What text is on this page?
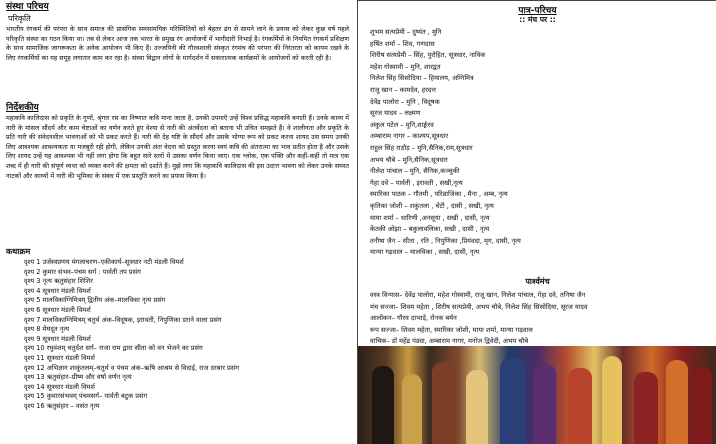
संस्था परिचय
परिकृति
भारतीय रंगकर्म की परंपरा के साथ समाज की प्रासंगिक समसामयिक परिस्थितियों को बेहतर ढंग से सामने लाने के प्रयास को लेकर कुछ वर्ष पहले परिकृति संस्था का गठन किया था। तब से लेकर आज तक भारत के प्रमुख रंग आयोजनों में भागीदारी निभाई है। रंगकर्मियों के नियमित रंगकर्म प्रशिक्षण के साथ सामाजिक जागरूकता के अनेक आयोजन भी किए हैं। उज्जयिनी की गौरवशाली संस्कृत रंगमंच की परंपरा की निरंतरता को कायम रखने के लिए रंगकर्मियों का यह समूह लगातार काम कर रहा है। संस्था विद्वान लोगों के मार्गदर्शन में सकारात्मक कार्यक्रमों के आयोजनों को करती रही है।
निर्देशकीय
महाकवि कालिदास को प्रकृति के गुणों, श्रृंगार रस का निष्णात कवि माना जाता है, उनकी उपमाएँ उन्हें विश्व प्रसिद्ध महाकवि बनाती हैं। उनके काव्य में नारी के मांसल सौंदर्य और काम चेष्टाओं का वर्णन करते हुए वेश्या से नारी की अंतर्वेदना को बताना भी उचित समझते हैं। वे शालीनता और प्रकृति के प्रति नारी की संवेदनशील भावनाओं को भी प्रकट करते हैं। नारी की देह यष्टि के सौंदर्य और उसके भोग्या रूप को प्रकट करना शायद उस समय उनकी लिए आवश्यक आवश्यकता या मजबूरी रही होगी, लेकिन उनकी अंतः वेदना को प्रस्तुत करना स्वयं कवि की अंतरात्मा का भाव प्रतीत होता है और उसके लिए शायद उन्हें यह आवश्यक भी नहीं लगा होगा कि बहुत सारे स्तरों में उसका वर्णन किया जाए। एक श्लोक, एक पंक्ति और कहीं-कहीं तो मात्र एक शब्द में ही नारी की संपूर्ण व्यथा को व्यक्त करने की क्षमता को दर्शाते हैं। मुझे लगा कि महाकवि कालिदास की इस उदात्त भावना को लेकर उनके समस्त नाटकों और काव्यों में नारी की भूमिका के संबंध में एक प्रस्तुति करने का प्रयास किया है।
कथाक्रम
दृश्य 1 उर्जस्वप्रणय मंगलाचरण–एकीकार्य–सूत्रधार नटी मंडली विमर्श
दृश्य 2 कुमार संभव–पंचम सर्ग : पार्वती तप प्रसंग
दृश्य 3 नृत्य ऋतुसंहार शिशिर
दृश्य 4 सूत्रधार मंडली विमर्श
दृश्य 5 मालविकाग्निमित्रम् द्वितीय अंक–मालविका नृत्य प्रसंग
दृश्य 6 सूत्रधार मंडली विमर्श
दृश्य 7 मालविकाग्निमित्रम् चतुर्थ अंक–विदूषक, इरावती, निपुणिका डराने वाला प्रसंग
दृश्य 8 मेघदूत नृत्य
दृश्य 9 सूत्रधार मंडली विमर्श
दृश्य 10 रघुवंशम् चतुर्दश सर्ग– राजा राम द्वारा सीता को वन भेजने का प्रसंग
दृश्य 11 सूत्रधार मंडली विमर्श
दृश्य 12 अभिज्ञान शाकुंतलम्–चतुर्थ व पंचम अंक–ऋषि आश्रम से विदाई, राज दरबार प्रसंग
दृश्य 13 ऋतुसंहार–ग्रीष्म और वर्षा वर्णन नृत्य
दृश्य 14 सूत्रधार मंडली विमर्श
दृश्य 15 कुमारसंभवम् पंचमसर्ग– पार्वती बटुक प्रसंग
दृश्य 16 ऋतुसंहार – वसंत नृत्य
पात्र-परिचय
:: मंच पर ::
शुभम सत्यप्रेमी – दुष्यंत , मुनि
हर्षित शर्मा – शिव, गणदास
शिरीष सत्यप्रेमी – सिंह, पुरोहित, सूत्रधार, नाविक
महेश गोस्वामी – मुनि, शारद्वत
निलेश सिंह सिसोदिया – हिमालय, अग्निमित्र
राजू खान – कामदेव, हरदत्त
देवेंद्र पालोरा – मुनि , विदूषक
सूरज यादव – लक्ष्मण
अंकुल पटेल – मुनि,शार्ङ्गरव
अम्बाराम नागर – काश्यप,सूत्रधार
राहुल सिंह राठौड़ – मुनि,सैनिक,राम,सूत्रधार
अभय चौबे – मुनि,सैनिक,सूत्रधार
नीलेश पांचाल – मुनि, सैनिक,कञ्चुकी
गेहा दवे – पार्वती , इरावती , सखी,नृत्य
स्मारिका पाठक – गौतमी , परिव्राजिका , मैना , अम्ब, नृत्य
कृतिका जोशी – शकुंतला , चेटी , दासी , सखी, नृत्य
माया शर्मा – धारिणी ,अनसूया , सखी , दासी, नृत्य
केतकी ओझा – बकुलावलिका, सखी , दासी , नृत्य
तनीषा जैन – सीता , रति , निपुणिका ,प्रियंवदा, मृग, दासी, नृत्य
मान्या गढ़वाल – मालविका , सखी, दासी, नृत्य
पार्श्वमंच
वस्त्र विन्यास– देवेंद्र पालोरा, महेश गोस्वामी, राजू खान, निलेश पांचाल, गेहा दवे, तनिषा जैन
मंच सज्जा– शिवम महेता , शिरीष सत्यप्रेमी, अभय चौबे, निलेश सिंह सिसोदिया, सूरज यादव
आलोकन– गौरव दाभाड़े, रोनक बर्मन
रूप सज्जा– शिवम महेता, स्मारिका जोशी, माया शर्मा, मान्या गढ़वाल
वाचिक– डॉ महेंद्र पंड्या, अम्बाराम नागर, मनोज द्विवेदी, अभय चौबे
